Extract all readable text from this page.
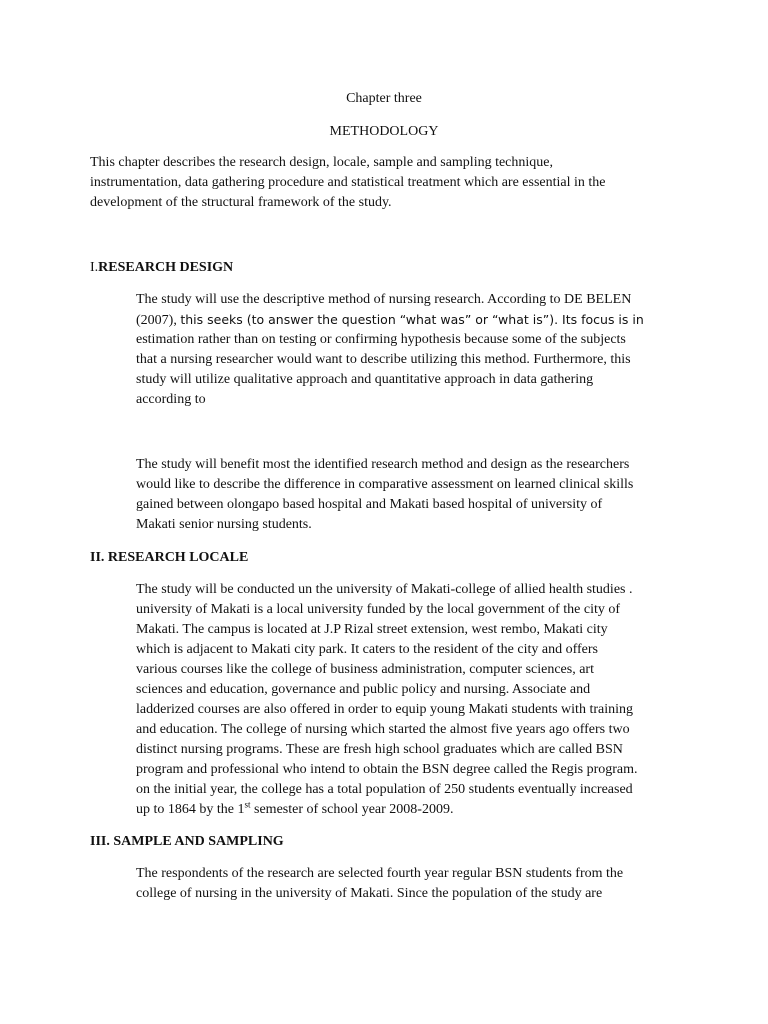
Chapter three

METHODOLOGY

This chapter describes the research design, locale, sample and sampling technique,

instrumentation, data gathering procedure and statistical treatment which are essential in the

development of the structural framework of the study.

I.RESEARCH DESIGN

The study will use the descriptive method of nursing research. According to DE BELEN

(2007), this seeks (to answer the question “what was” or “what is”). Its focus is in

estimation rather than on testing or confirming hypothesis because some of the subjects

that a nursing researcher would want to describe utilizing this method. Furthermore, this

study will utilize qualitative approach and quantitative approach in data gathering

according to

The study will benefit most the identified research method and design as the researchers

would like to describe the difference in comparative assessment on learned clinical skills

gained between olongapo based hospital and Makati based hospital of university of

Makati senior nursing students.

II. RESEARCH LOCALE

The study will be conducted un the university of Makati-college of allied health studies .

university of Makati is a local university funded by the local government of the city of

Makati. The campus is located at J.P Rizal street extension, west rembo, Makati city

which is adjacent to Makati city park. It caters to the resident of the city and offers

various courses like the college of business administration, computer sciences, art

sciences and education, governance and public policy and nursing. Associate and

ladderized courses are also offered in order to equip young Makati students with training

and education. The college of nursing which started the almost five years ago offers two

distinct nursing programs. These are fresh high school graduates which are called BSN

program and professional who intend to obtain the BSN degree called the Regis program.

on the initial year, the college has a total population of 250 students eventually increased

up to 1864 by the 1st semester of school year 2008-2009.

III. SAMPLE AND SAMPLING

The respondents of the research are selected fourth year regular BSN students from the

college of nursing in the university of Makati. Since the population of the study are
